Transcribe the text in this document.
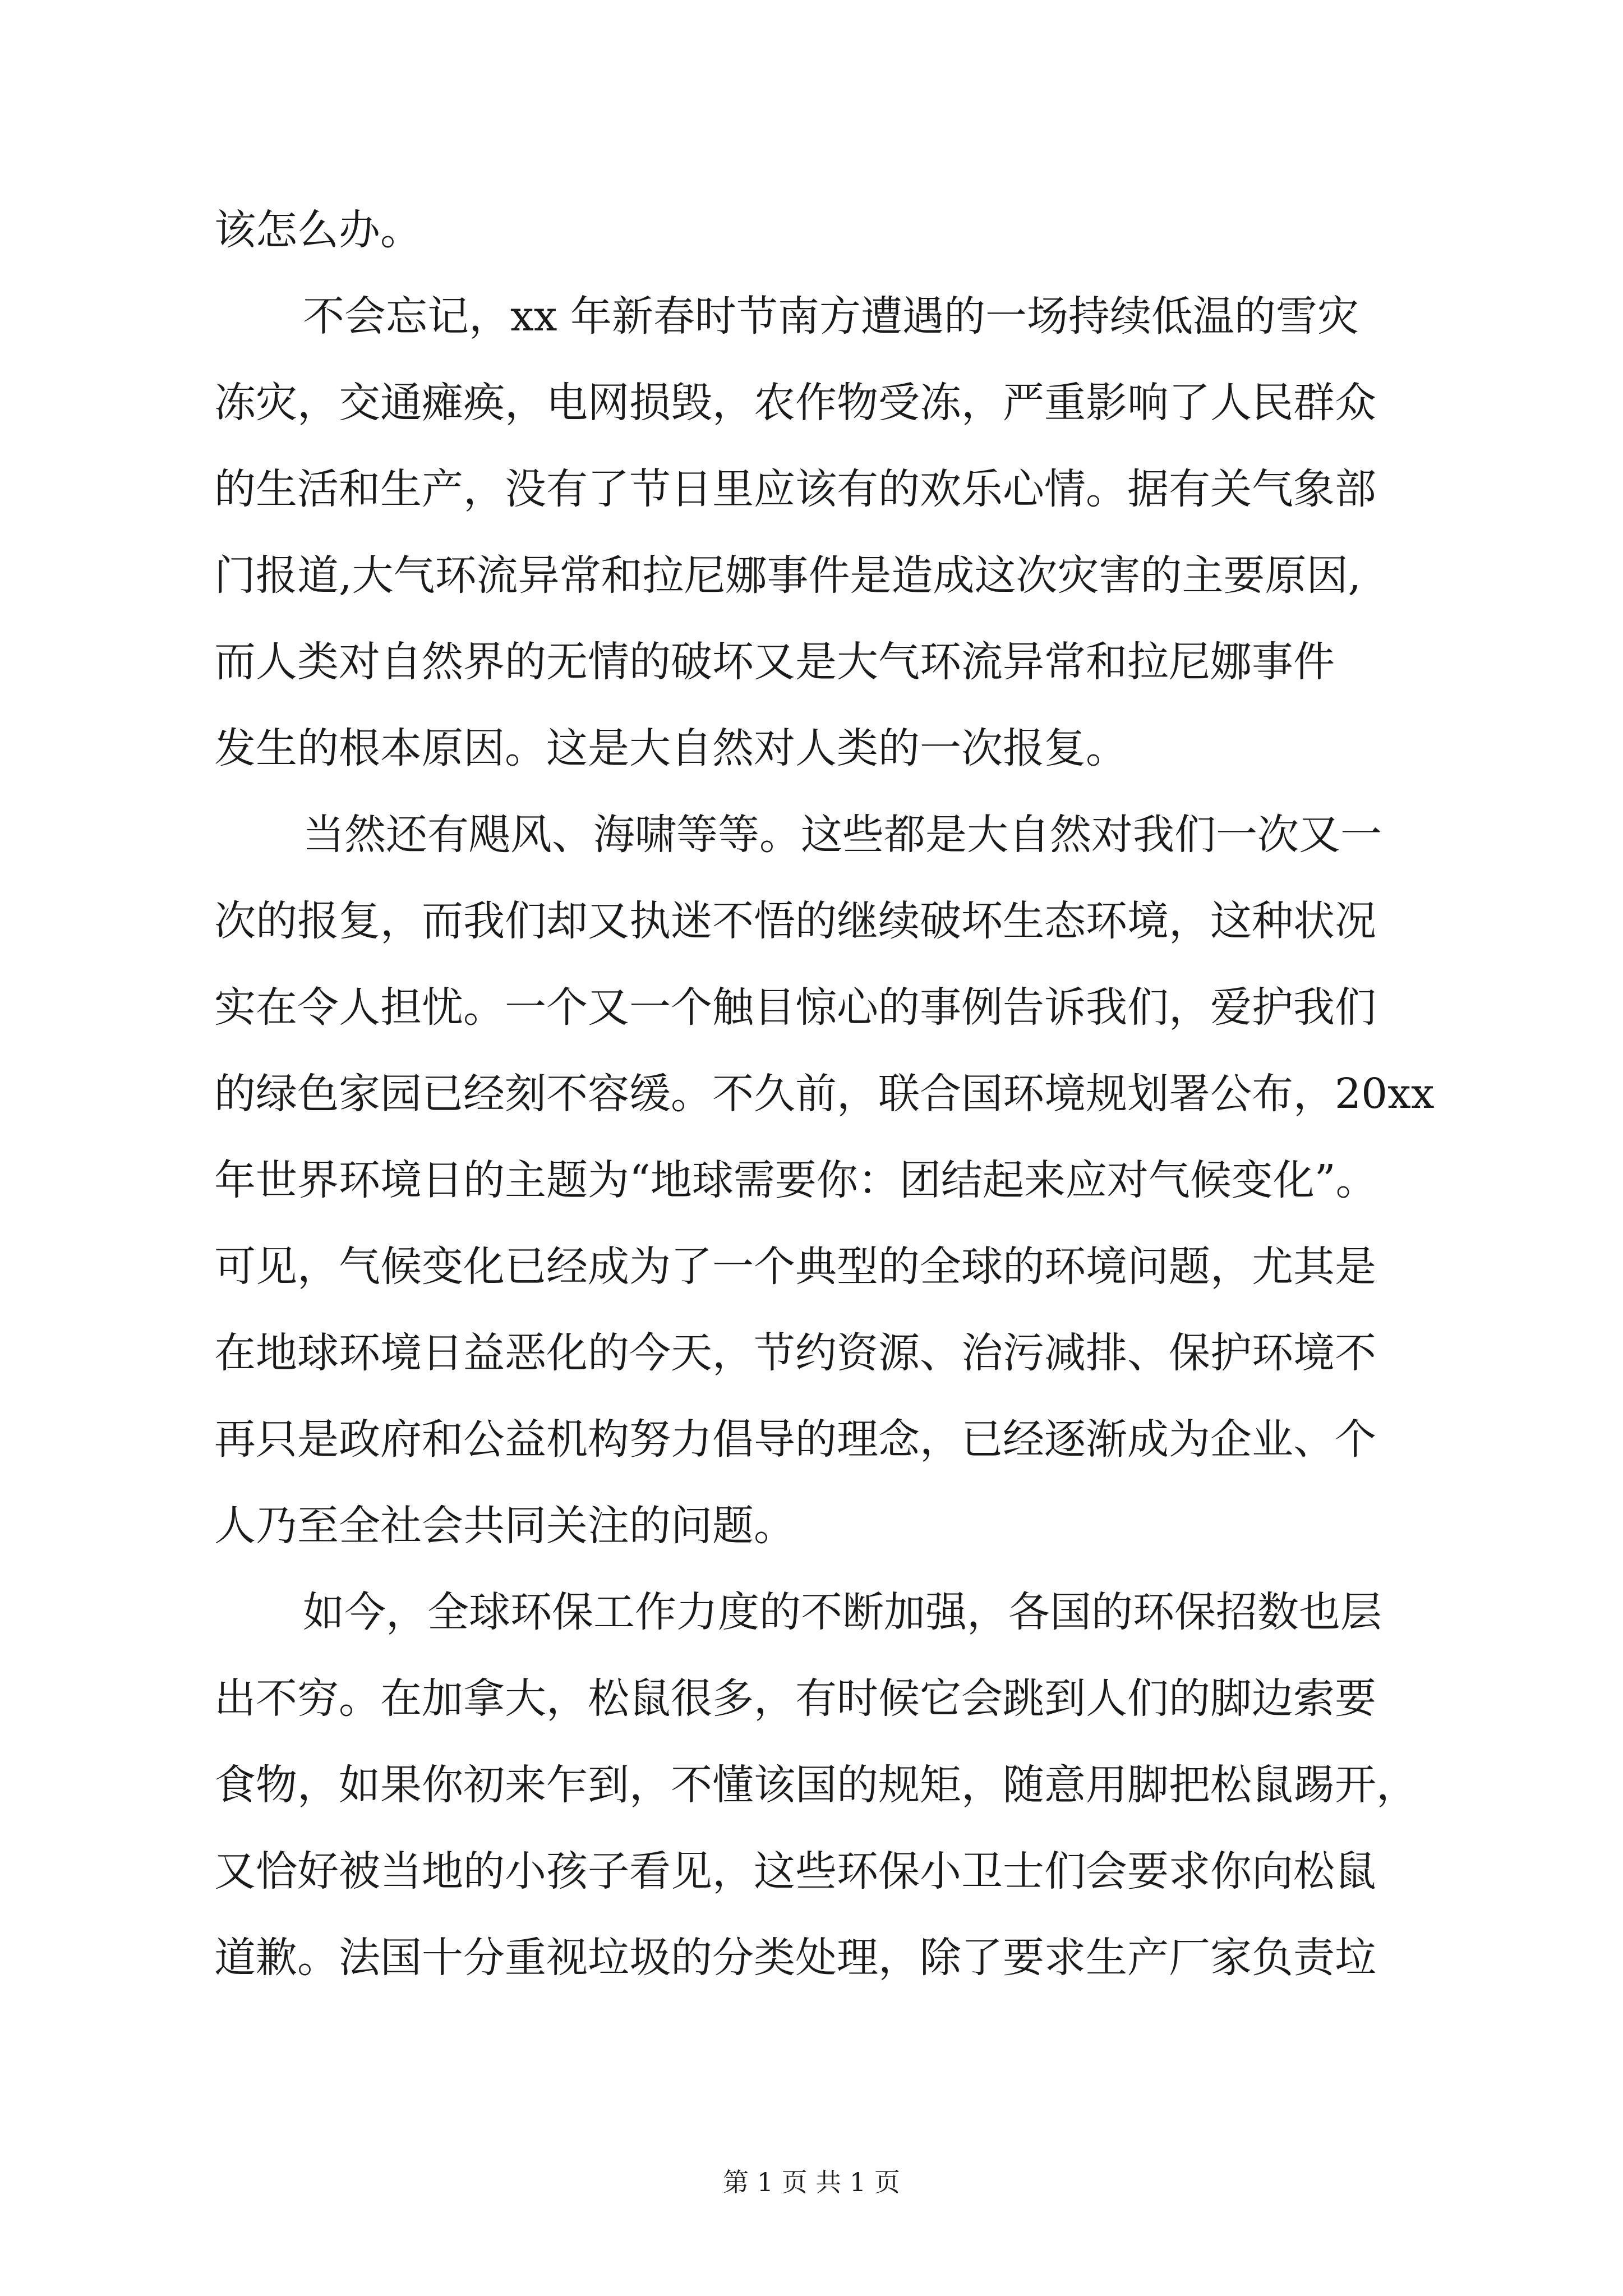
该怎么办。
不会忘记，xx 年新春时节南方遭遇的一场持续低温的雪灾
冻灾，交通瘫痪，电网损毁，农作物受冻，严重影响了人民群众
的生活和生产，没有了节日里应该有的欢乐心情。据有关气象部
门报道,大气环流异常和拉尼娜事件是造成这次灾害的主要原因,
而人类对自然界的无情的破坏又是大气环流异常和拉尼娜事件
发生的根本原因。这是大自然对人类的一次报复。
当然还有飓风、海啸等等。这些都是大自然对我们一次又一
次的报复，而我们却又执迷不悟的继续破坏生态环境，这种状况
实在令人担忧。一个又一个触目惊心的事例告诉我们，爱护我们
的绿色家园已经刻不容缓。不久前，联合国环境规划署公布，20xx
年世界环境日的主题为“地球需要你：团结起来应对气候变化”。
可见，气候变化已经成为了一个典型的全球的环境问题，尤其是
在地球环境日益恶化的今天，节约资源、治污减排、保护环境不
再只是政府和公益机构努力倡导的理念，已经逐渐成为企业、个
人乃至全社会共同关注的问题。
如今，全球环保工作力度的不断加强，各国的环保招数也层
出不穷。在加拿大，松鼠很多，有时候它会跳到人们的脚边索要
食物，如果你初来乍到，不懂该国的规矩，随意用脚把松鼠踢开，
又恰好被当地的小孩子看见，这些环保小卫士们会要求你向松鼠
道歉。法国十分重视垃圾的分类处理，除了要求生产厂家负责垃
第 1 页 共 1 页
